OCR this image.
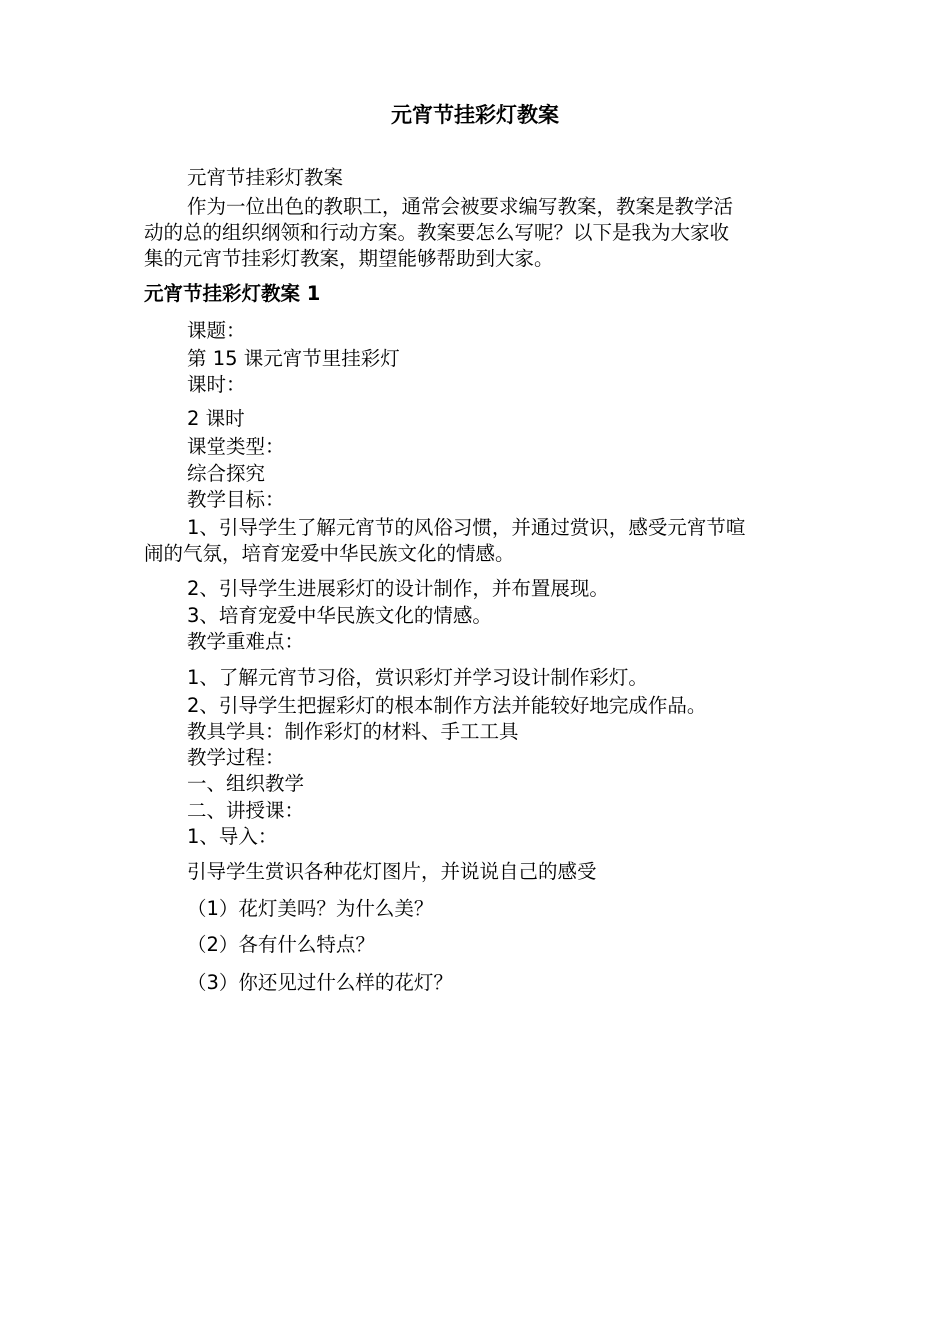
元宵节挂彩灯教案
元宵节挂彩灯教案
作为一位出色的教职工，通常会被要求编写教案，教案是教学活
动的总的组织纲领和行动方案。教案要怎么写呢？以下是我为大家收
集的元宵节挂彩灯教案，期望能够帮助到大家。
元宵节挂彩灯教案 1
课题：
第 15 课元宵节里挂彩灯
课时：
2 课时
课堂类型：
综合探究
教学目标：
1、引导学生了解元宵节的风俗习惯，并通过赏识，感受元宵节喧
闹的气氛，培育宠爱中华民族文化的情感。
2、引导学生进展彩灯的设计制作，并布置展现。
3、培育宠爱中华民族文化的情感。
教学重难点：
1、了解元宵节习俗，赏识彩灯并学习设计制作彩灯。
2、引导学生把握彩灯的根本制作方法并能较好地完成作品。
教具学具：制作彩灯的材料、手工工具
教学过程：
一、组织教学
二、讲授课：
1、导入：
引导学生赏识各种花灯图片，并说说自己的感受
（1）花灯美吗？为什么美？
（2）各有什么特点？
（3）你还见过什么样的花灯？
